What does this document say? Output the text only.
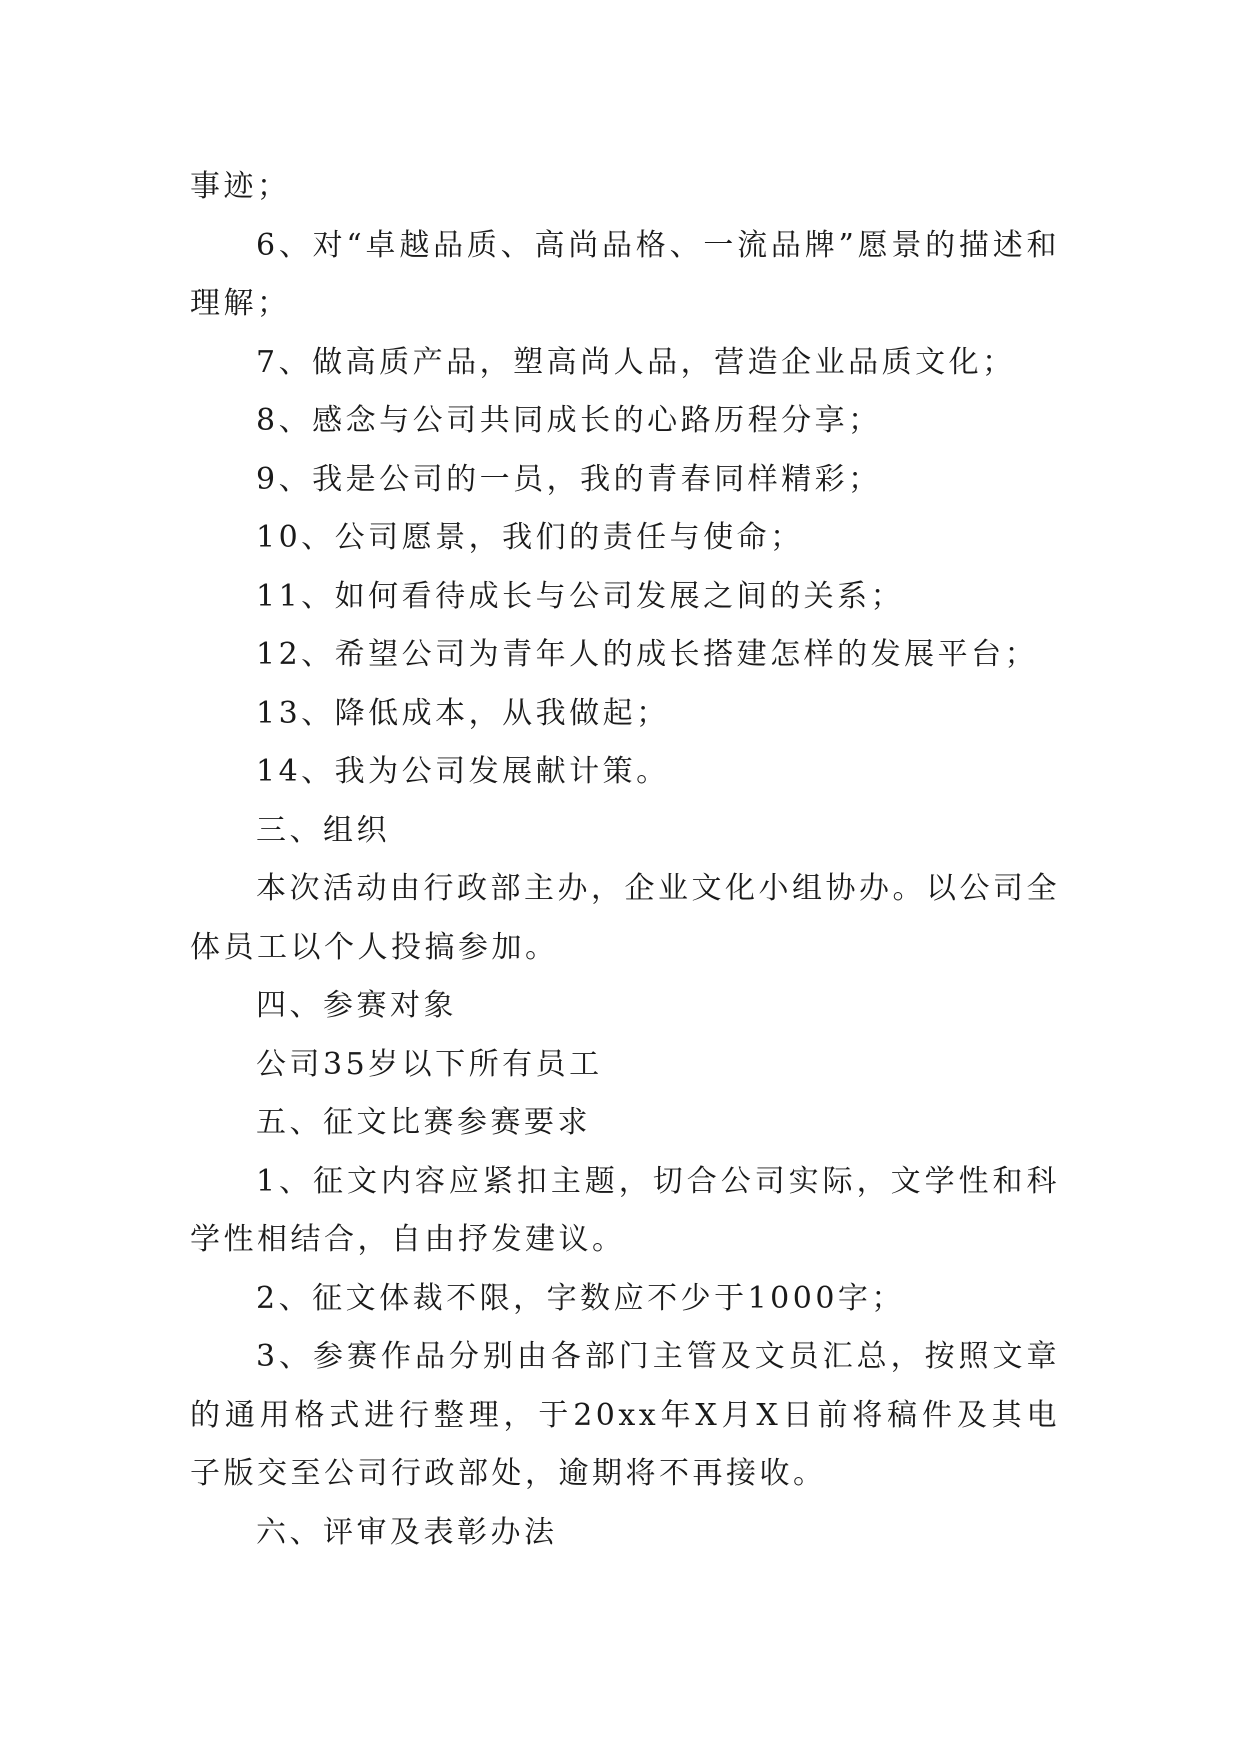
事迹；

6、对“卓越品质、高尚品格、一流品牌”愿景的描述和理解；

7、做高质产品，塑高尚人品，营造企业品质文化；

8、感念与公司共同成长的心路历程分享；

9、我是公司的一员，我的青春同样精彩；

10、公司愿景，我们的责任与使命；

11、如何看待成长与公司发展之间的关系；

12、希望公司为青年人的成长搭建怎样的发展平台；

13、降低成本，从我做起；

14、我为公司发展献计策。

三、组织

本次活动由行政部主办，企业文化小组协办。以公司全体员工以个人投搞参加。

四、参赛对象

公司35岁以下所有员工

五、征文比赛参赛要求

1、征文内容应紧扣主题，切合公司实际，文学性和科学性相结合，自由抒发建议。

2、征文体裁不限，字数应不少于1000字；

3、参赛作品分别由各部门主管及文员汇总，按照文章的通用格式进行整理，于20xx年X月X日前将稿件及其电子版交至公司行政部处，逾期将不再接收。

六、评审及表彰办法
